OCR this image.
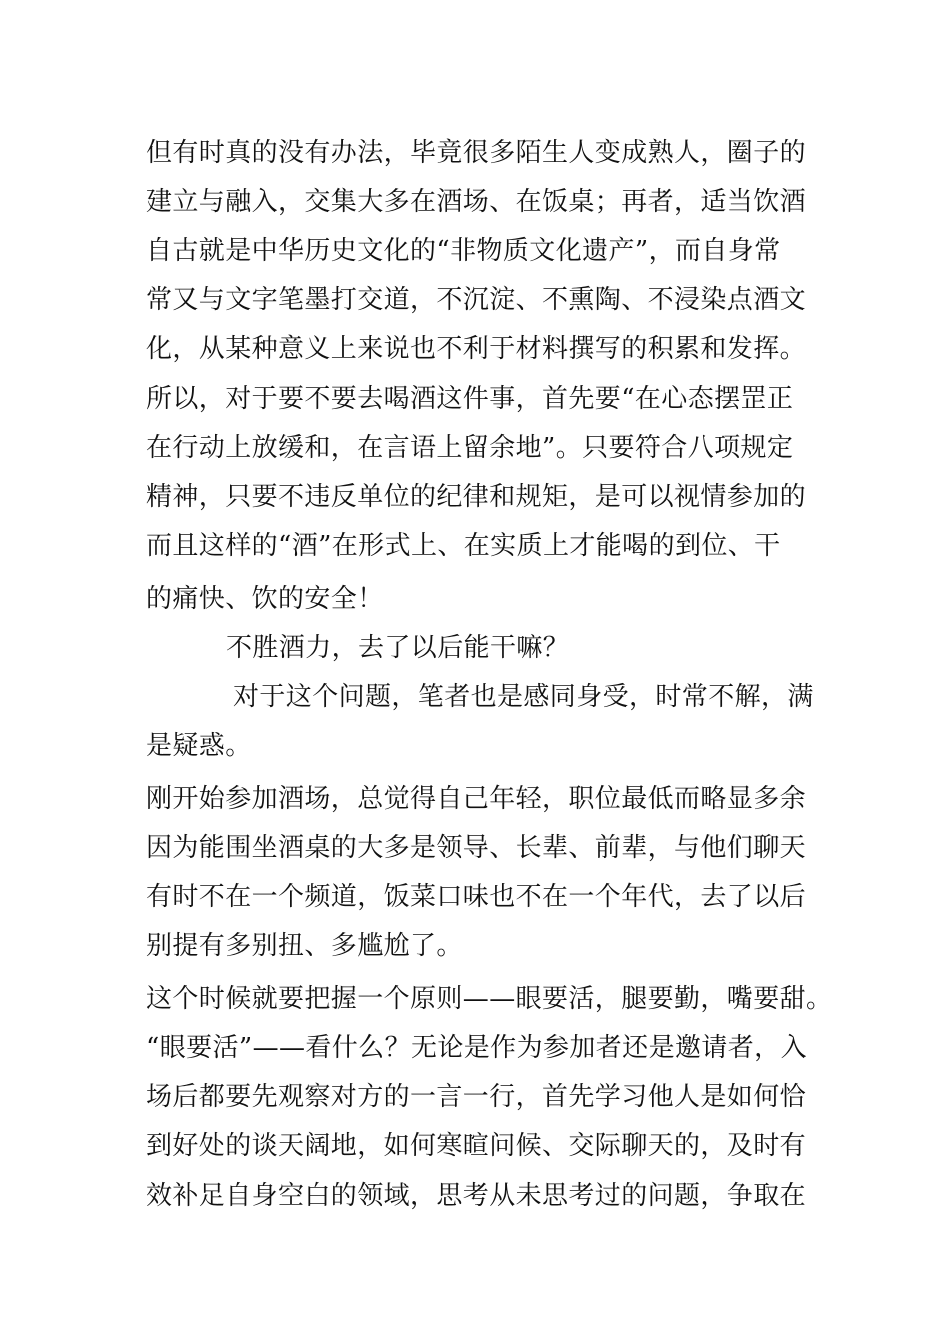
但有时真的没有办法，毕竟很多陌生人变成熟人，圈子的
建立与融入，交集大多在酒场、在饭桌；再者，适当饮酒
自古就是中华历史文化的“非物质文化遗产”，而自身常
常又与文字笔墨打交道，不沉淀、不熏陶、不浸染点酒文
化，从某种意义上来说也不利于材料撰写的积累和发挥。
所以，对于要不要去喝酒这件事，首先要“在心态摆罡正
在行动上放缓和，在言语上留余地”。只要符合八项规定
精神，只要不违反单位的纪律和规矩，是可以视情参加的
而且这样的“酒”在形式上、在实质上才能喝的到位、干
的痛快、饮的安全！
不胜酒力，去了以后能干嘛？
对于这个问题，笔者也是感同身受，时常不解，满
是疑惑。
刚开始参加酒场，总觉得自己年轻，职位最低而略显多余
因为能围坐酒桌的大多是领导、长辈、前辈，与他们聊天
有时不在一个频道，饭菜口味也不在一个年代，去了以后
别提有多别扭、多尴尬了。
这个时候就要把握一个原则——眼要活，腿要勤，嘴要甜。
“眼要活”——看什么？无论是作为参加者还是邀请者，入
场后都要先观察对方的一言一行，首先学习他人是如何恰
到好处的谈天阔地，如何寒暄问候、交际聊天的，及时有
效补足自身空白的领域，思考从未思考过的问题，争取在
